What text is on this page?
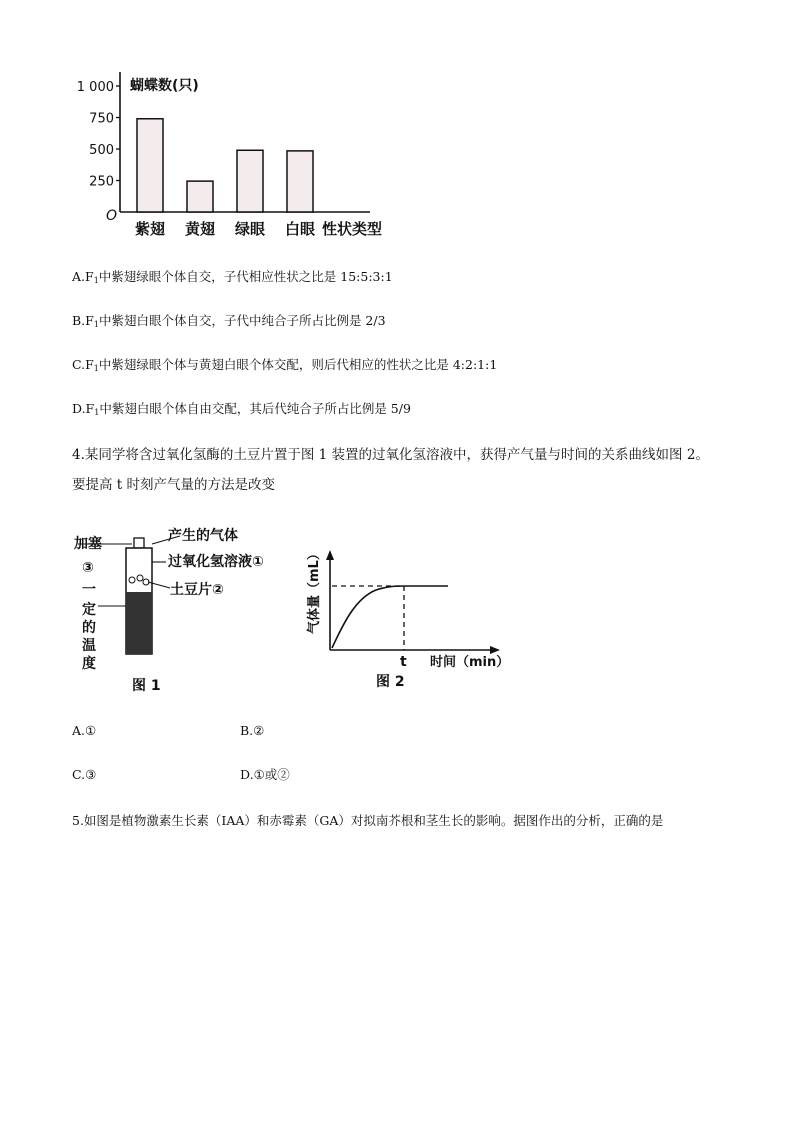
蝴蝶数(只)
O
性状类型
1 000
750
500
250
紫翅 黄翅 绿眼 白眼
$A.F_1$中紫翅绿眼个体自交，子代相应性状之比是 15:5:3:1
$B.F_1$中紫翅白眼个体自交，子代中纯合子所占比例是 2/3
$C.F_1$中紫翅绿眼个体与黄翅白眼个体交配，则后代相应的性状之比是 4:2:1:1
$D.F_1$中紫翅白眼个体自由交配，其后代纯合子所占比例是 5/9
4.某同学将含过氧化氢酶的土豆片置于图 1 装置的过氧化氢溶液中，获得产气量与时间的关系曲线如图 2。
要提高 t 时刻产气量的方法是改变
加塞	产生的气体
过氧化氢溶液①
土豆片②
③
一
定
的
温
度
图 1
t 时间（min）
气体量（mL）
图 2
A.①	B.②
C.③	D.①或②
5.如图是植物激素生长素（IAA）和赤霉素（GA）对拟南芥根和茎生长的影响。据图作出的分析，正确的是
